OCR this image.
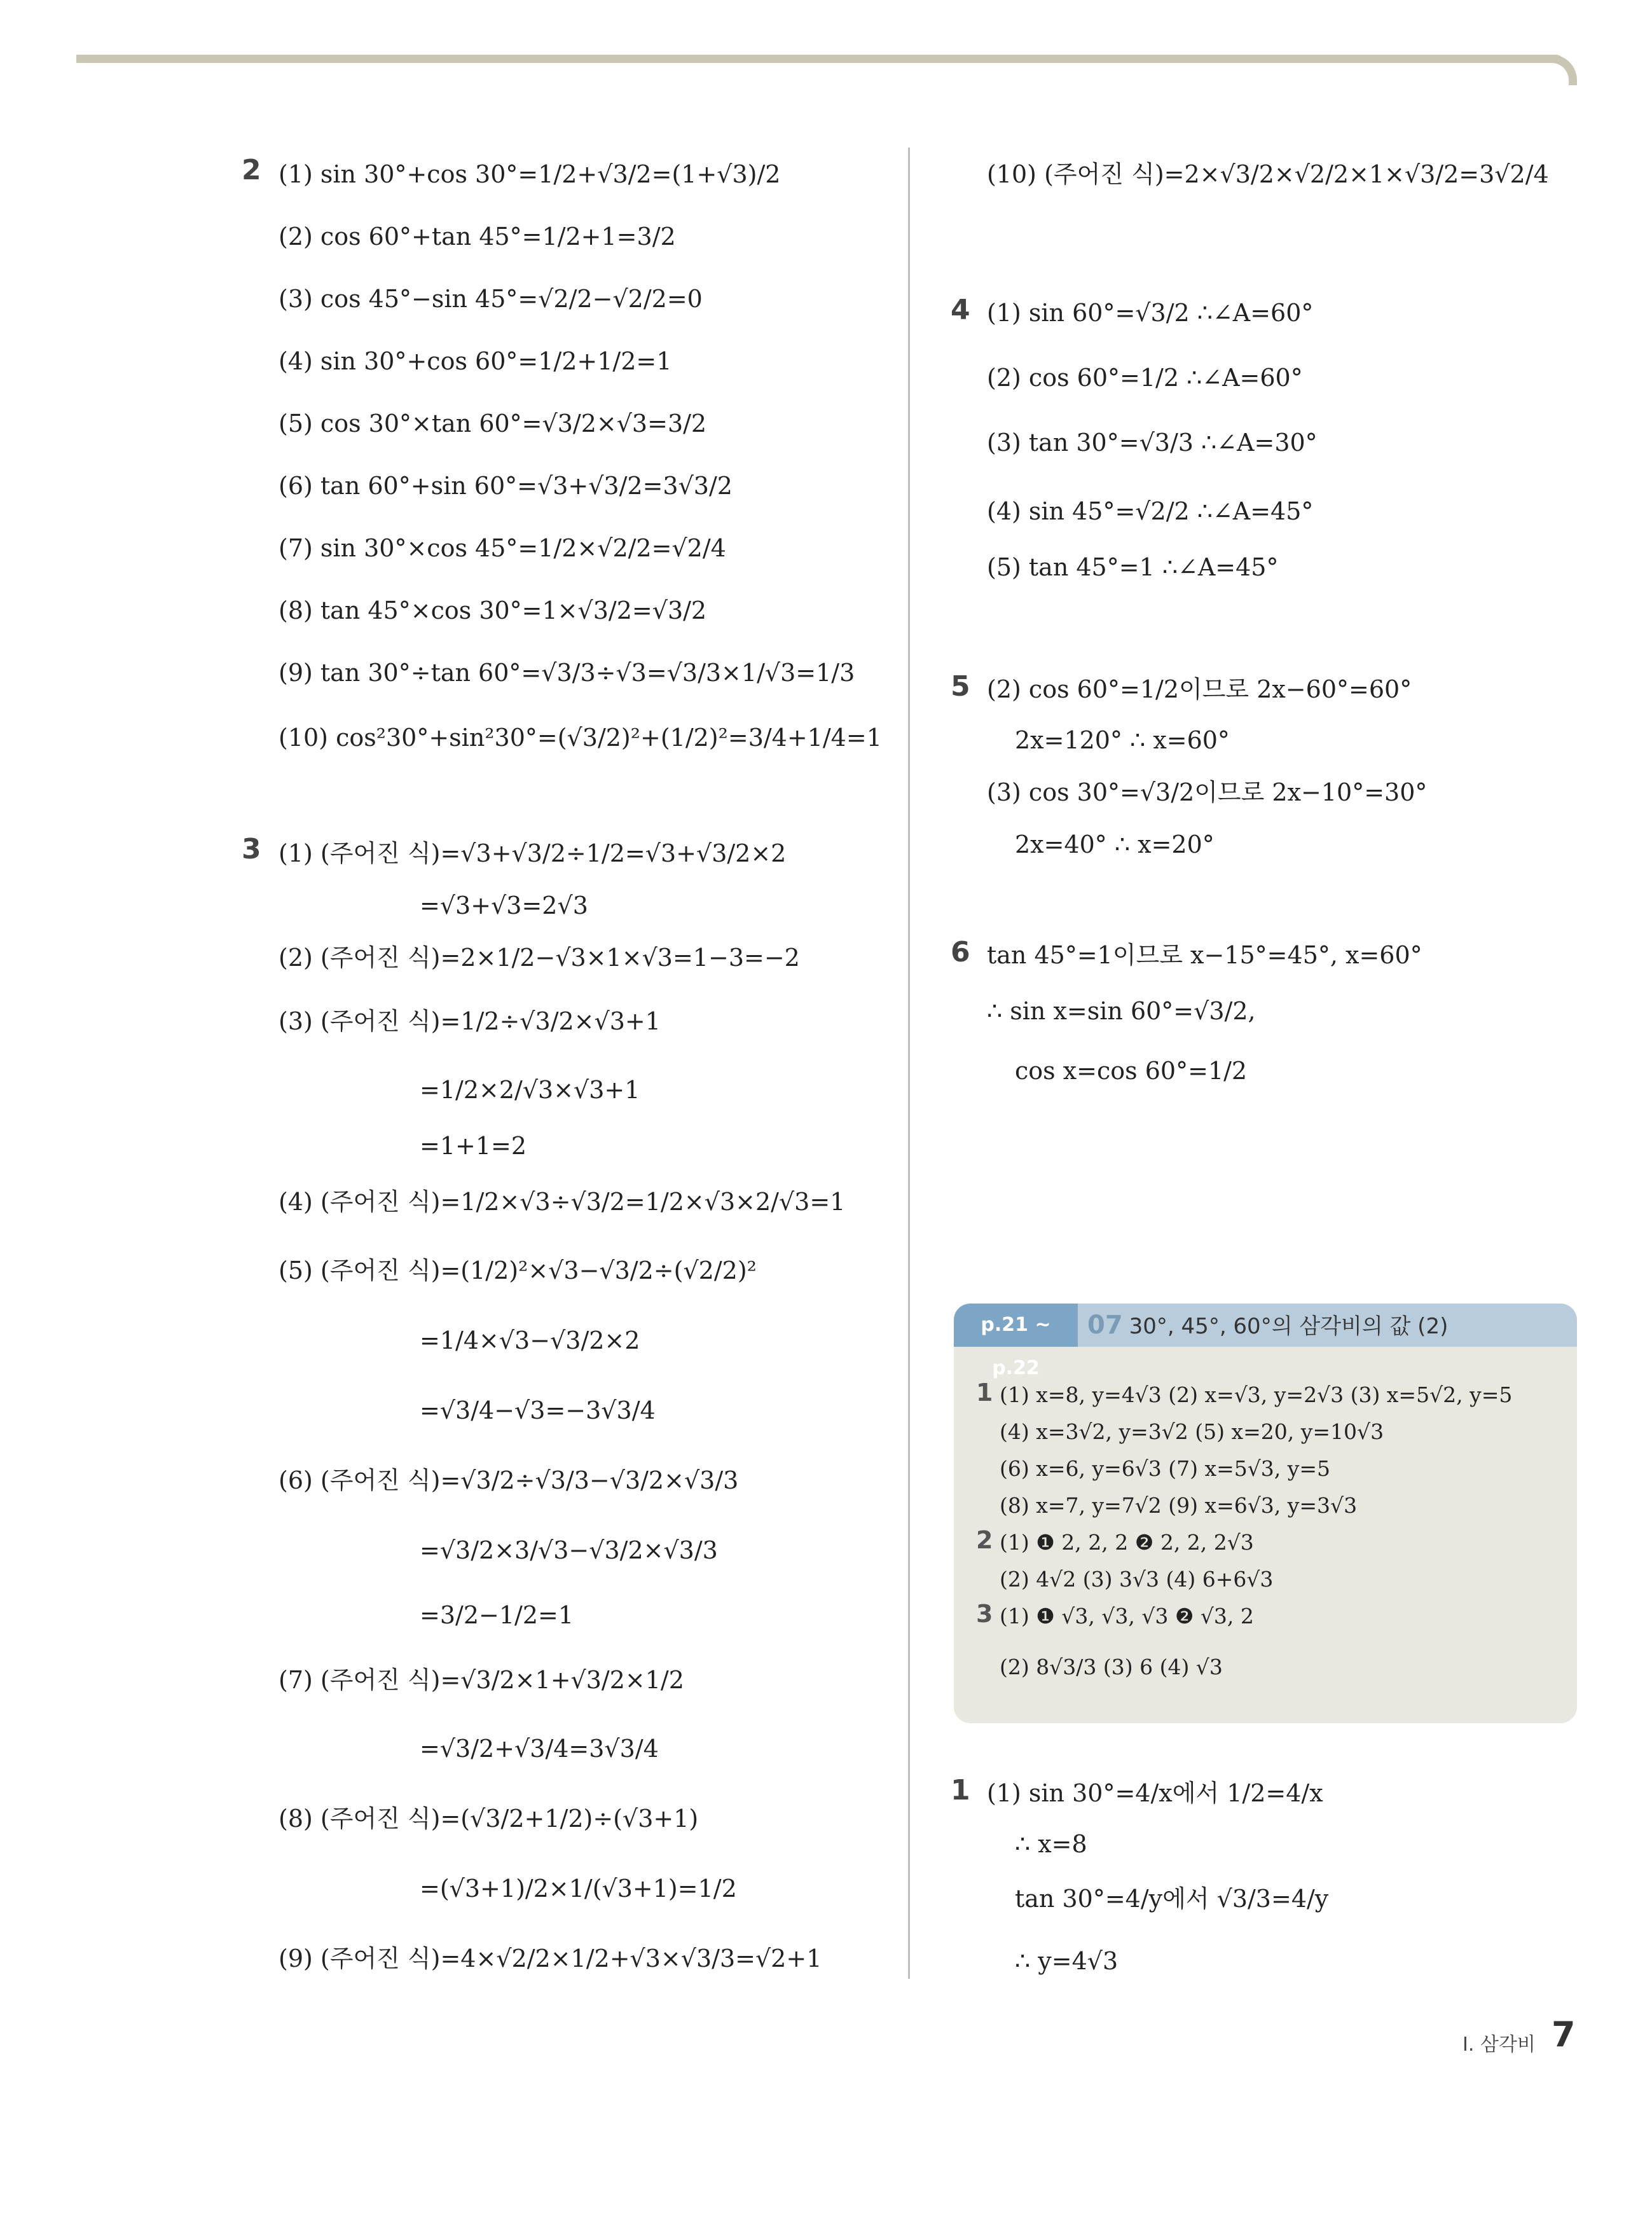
2 (1) sin 30°+cos 30°=1/2+√3/2=(1+√3)/2
(2) cos 60°+tan 45°=1/2+1=3/2
(3) cos 45°−sin 45°=√2/2−√2/2=0
(4) sin 30°+cos 60°=1/2+1/2=1
(5) cos 30°×tan 60°=√3/2×√3=3/2
(6) tan 60°+sin 60°=√3+√3/2=3√3/2
(7) sin 30°×cos 45°=1/2×√2/2=√2/4
(8) tan 45°×cos 30°=1×√3/2=√3/2
(9) tan 30°÷tan 60°=√3/3÷√3=√3/3×1/√3=1/3
(10) cos²30°+sin²30°=(√3/2)²+(1/2)²=3/4+1/4=1
3 (1) (주어진 식)=√3+√3/2÷1/2=√3+√3/2×2
=√3+√3=2√3
(2) (주어진 식)=2×1/2−√3×1×√3=1−3=−2
(3) (주어진 식)=1/2÷√3/2×√3+1
=1/2×2/√3×√3+1
=1+1=2
(4) (주어진 식)=1/2×√3÷√3/2=1/2×√3×2/√3=1
(5) (주어진 식)=(1/2)²×√3−√3/2÷(√2/2)²
=1/4×√3−√3/2×2
=√3/4−√3=−3√3/4
(6) (주어진 식)=√3/2÷√3/3−√3/2×√3/3
=√3/2×3/√3−√3/2×√3/3
=3/2−1/2=1
(7) (주어진 식)=√3/2×1+√3/2×1/2
=√3/2+√3/4=3√3/4
(8) (주어진 식)=(√3/2+1/2)÷(√3+1)
=(√3+1)/2×1/(√3+1)=1/2
(9) (주어진 식)=4×√2/2×1/2+√3×√3/3=√2+1
(10) (주어진 식)=2×√3/2×√2/2×1×√3/2=3√2/4
4 (1) sin 60°=√3/2 ∴∠A=60°
(2) cos 60°=1/2 ∴∠A=60°
(3) tan 30°=√3/3 ∴∠A=30°
(4) sin 45°=√2/2 ∴∠A=45°
(5) tan 45°=1 ∴∠A=45°
5 (2) cos 60°=1/2이므로 2x−60°=60°
2x=120° ∴ x=60°
(3) cos 30°=√3/2이므로 2x−10°=30°
2x=40° ∴ x=20°
6 tan 45°=1이므로 x−15°=45°, x=60°
∴ sin x=sin 60°=√3/2,
cos x=cos 60°=1/2
p.21 ~ p.22
07 30°, 45°, 60°의 삼각비의 값 (2)
1 (1) x=8, y=4√3 (2) x=√3, y=2√3 (3) x=5√2, y=5
(4) x=3√2, y=3√2 (5) x=20, y=10√3
(6) x=6, y=6√3 (7) x=5√3, y=5
(8) x=7, y=7√2 (9) x=6√3, y=3√3
2 (1) ❶ 2, 2, 2 ❷ 2, 2, 2√3
(2) 4√2 (3) 3√3 (4) 6+6√3
3 (1) ❶ √3, √3, √3 ❷ √3, 2
(2) 8√3/3 (3) 6 (4) √3
1 (1) sin 30°=4/x에서 1/2=4/x
∴ x=8
tan 30°=4/y에서 √3/3=4/y
∴ y=4√3
Ⅰ. 삼각비 7
